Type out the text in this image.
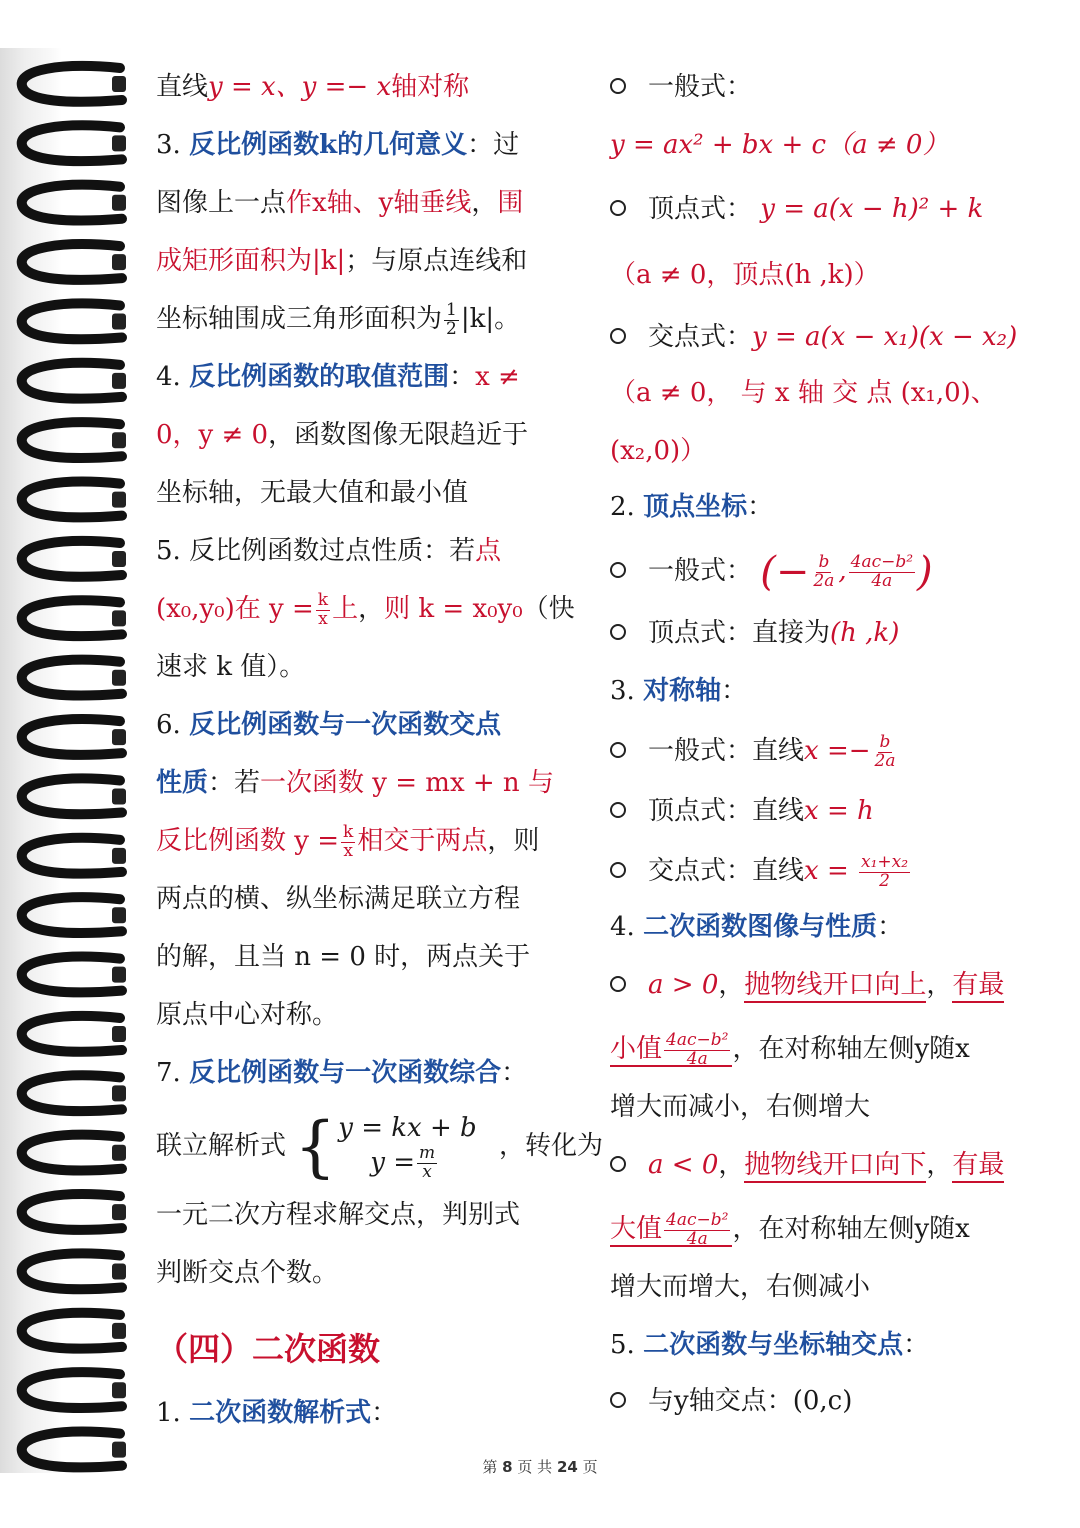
直线y = x、y =− x轴对称
3. 反比例函数k的几何意义：过
图像上一点作x轴、y轴垂线，围
成矩形面积为|k|；与原点连线和
坐标轴围成三角形面积为 $\frac{1}{2} |k|$。
4. 反比例函数的取值范围：x ≠
0，y ≠ 0，函数图像无限趋近于
坐标轴，无最大值和最小值
5. 反比例函数过点性质：若点
(x₀,y₀)在 $y = \frac{k}{x}$ 上，则 k = x₀y₀（快
速求 k 值）。
6. 反比例函数与一次函数交点
性质：若一次函数 y = mx + n 与
反比例函数 $y = \frac{k}{x}$ 相交于两点，则
两点的横、纵坐标满足联立方程
的解，且当 n = 0 时，两点关于
原点中心对称。
7. 反比例函数与一次函数综合：
联立解析式 { y = kx + b
$y = \frac{m}{x}$ ，转化为
一元二次方程求解交点，判别式
判断交点个数。
（四）二次函数
1. 二次函数解析式：
一般式：
y = ax² + bx + c（a ≠ 0）
顶点式： y = a(x − h)² + k
（a ≠ 0，顶点(h ,k)）
交点式：y = a(x − x₁)(x − x₂)
（a ≠ 0， 与 x 轴 交 点 (x₁,0)、
(x₂,0)）
2. 顶点坐标：
一般式： (− $\frac{b}{2a}$ , $\frac{\text{4ac−b²}}{4a}$ )
顶点式：直接为(h ,k)
3. 对称轴：
一般式：直线$x =- \frac{b}{2a}$
顶点式：直线x = h
交点式：直线$x = \frac{\text{x₁+x₂}}{2}$
4. 二次函数图像与性质：
a > 0，抛物线开口向上，有最
小值 $\frac{\text{4ac−b²}}{4a}$ ，在对称轴左侧y随x
增大而减小，右侧增大
a < 0，抛物线开口向下，有最
大值 $\frac{\text{4ac−b²}}{4a}$ ，在对称轴左侧y随x
增大而增大，右侧减小
5. 二次函数与坐标轴交点：
与y轴交点：(0,c)
第 8 页 共 24 页
